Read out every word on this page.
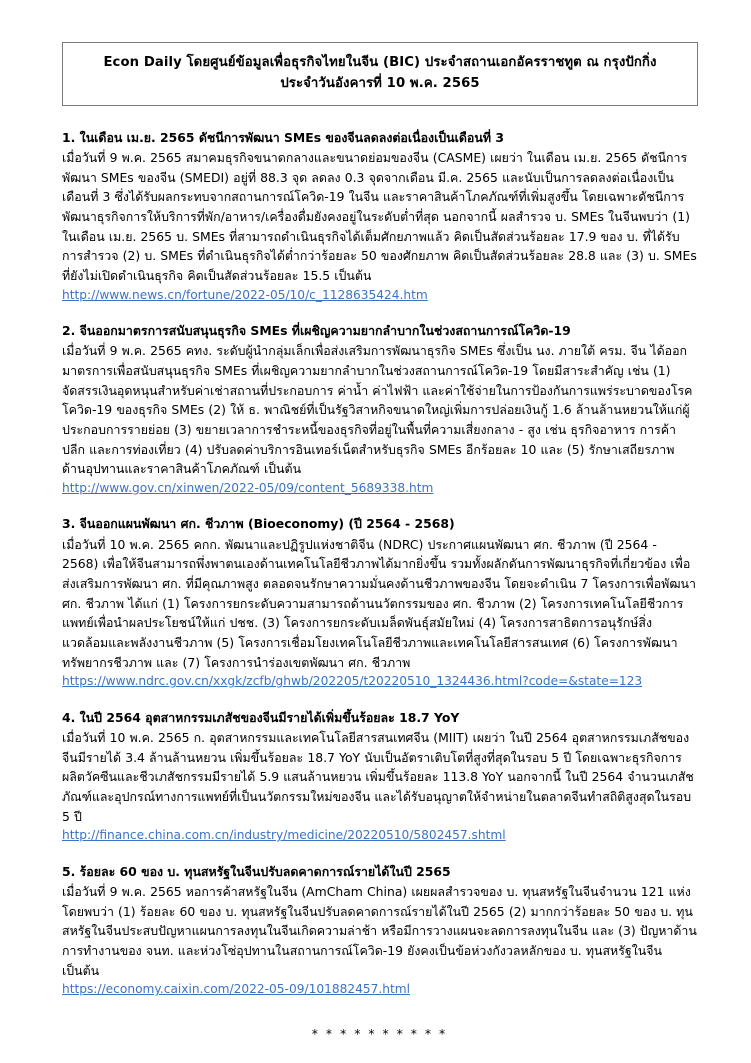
Econ Daily โดยศูนย์ข้อมูลเพื่อธุรกิจไทยในจีน (BIC) ประจำสถานเอกอัครราชทูต ณ กรุงปักกิ่ง
ประจำวันอังคารที่ 10 พ.ค. 2565
1. ในเดือน เม.ย. 2565 ดัชนีการพัฒนา SMEs ของจีนลดลงต่อเนื่องเป็นเดือนที่ 3
เมื่อวันที่ 9 พ.ค. 2565 สมาคมธุรกิจขนาดกลางและขนาดย่อมของจีน (CASME) เผยว่า ในเดือน เม.ย. 2565 ดัชนีการพัฒนา SMEs ของจีน (SMEDI) อยู่ที่ 88.3 จุด ลดลง 0.3 จุดจากเดือน มี.ค. 2565 และนับเป็นการลดลงต่อเนื่องเป็นเดือนที่ 3 ซึ่งได้รับผลกระทบจากสถานการณ์โควิด-19 ในจีน และราคาสินค้าโภคภัณฑ์ที่เพิ่มสูงขึ้น โดยเฉพาะดัชนีการพัฒนาธุรกิจการให้บริการที่พัก/อาหาร/เครื่องดื่มยังคงอยู่ในระดับต่ำที่สุด นอกจากนี้ ผลสำรวจ บ. SMEs ในจีนพบว่า (1) ในเดือน เม.ย. 2565 บ. SMEs ที่สามารถดำเนินธุรกิจได้เต็มศักยภาพแล้ว คิดเป็นสัดส่วนร้อยละ 17.9 ของ บ. ที่ได้รับการสำรวจ (2) บ. SMEs ที่ดำเนินธุรกิจได้ต่ำกว่าร้อยละ 50 ของศักยภาพ คิดเป็นสัดส่วนร้อยละ 28.8 และ (3) บ. SMEs ที่ยังไม่เปิดดำเนินธุรกิจ คิดเป็นสัดส่วนร้อยละ 15.5 เป็นต้น
http://www.news.cn/fortune/2022-05/10/c_1128635424.htm
2. จีนออกมาตรการสนับสนุนธุรกิจ SMEs ที่เผชิญความยากลำบากในช่วงสถานการณ์โควิด-19
เมื่อวันที่ 9 พ.ค. 2565 คทง. ระดับผู้นำกลุ่มเล็กเพื่อส่งเสริมการพัฒนาธุรกิจ SMEs ซึ่งเป็น นง. ภายใต้ ครม. จีน ได้ออกมาตรการเพื่อสนับสนุนธุรกิจ SMEs ที่เผชิญความยากลำบากในช่วงสถานการณ์โควิด-19 โดยมีสาระสำคัญ เช่น (1) จัดสรรเงินอุดหนุนสำหรับค่าเช่าสถานที่ประกอบการ ค่าน้ำ ค่าไฟฟ้า และค่าใช้จ่ายในการป้องกันการแพร่ระบาดของโรคโควิด-19 ของธุรกิจ SMEs (2) ให้ ธ. พาณิชย์ที่เป็นรัฐวิสาหกิจขนาดใหญ่เพิ่มการปล่อยเงินกู้ 1.6 ล้านล้านหยวนให้แก่ผู้ประกอบการรายย่อย (3) ขยายเวลาการชำระหนี้ของธุรกิจที่อยู่ในพื้นที่ความเสี่ยงกลาง - สูง เช่น ธุรกิจอาหาร การค้าปลีก และการท่องเที่ยว (4) ปรับลดค่าบริการอินเทอร์เน็ตสำหรับธุรกิจ SMEs อีกร้อยละ 10 และ (5) รักษาเสถียรภาพด้านอุปทานและราคาสินค้าโภคภัณฑ์ เป็นต้น
http://www.gov.cn/xinwen/2022-05/09/content_5689338.htm
3. จีนออกแผนพัฒนา ศก. ชีวภาพ (Bioeconomy) (ปี 2564 - 2568)
เมื่อวันที่ 10 พ.ค. 2565 คกก. พัฒนาและปฏิรูปแห่งชาติจีน (NDRC) ประกาศแผนพัฒนา ศก. ชีวภาพ (ปี 2564 - 2568) เพื่อให้จีนสามารถพึ่งพาตนเองด้านเทคโนโลยีชีวภาพได้มากยิ่งขึ้น รวมทั้งผลักดันการพัฒนาธุรกิจที่เกี่ยวข้อง เพื่อส่งเสริมการพัฒนา ศก. ที่มีคุณภาพสูง ตลอดจนรักษาความมั่นคงด้านชีวภาพของจีน โดยจะดำเนิน 7 โครงการเพื่อพัฒนา ศก. ชีวภาพ ได้แก่ (1) โครงการยกระดับความสามารถด้านนวัตกรรมของ ศก. ชีวภาพ (2) โครงการเทคโนโลยีชีวการแพทย์เพื่อนำผลประโยชน์ให้แก่ ปชช. (3) โครงการยกระดับเมล็ดพันธุ์สมัยใหม่ (4) โครงการสาธิตการอนุรักษ์สิ่งแวดล้อมและพลังงานชีวภาพ (5) โครงการเชื่อมโยงเทคโนโลยีชีวภาพและเทคโนโลยีสารสนเทศ (6) โครงการพัฒนาทรัพยากรชีวภาพ และ (7) โครงการนำร่องเขตพัฒนา ศก. ชีวภาพ
https://www.ndrc.gov.cn/xxgk/zcfb/ghwb/202205/t20220510_1324436.html?code=&state=123
4. ในปี 2564 อุตสาหกรรมเภสัชของจีนมีรายได้เพิ่มขึ้นร้อยละ 18.7 YoY
เมื่อวันที่ 10 พ.ค. 2565 ก. อุตสาหกรรมและเทคโนโลยีสารสนเทศจีน (MIIT) เผยว่า ในปี 2564 อุตสาหกรรมเภสัชของจีนมีรายได้ 3.4 ล้านล้านหยวน เพิ่มขึ้นร้อยละ 18.7 YoY นับเป็นอัตราเติบโตที่สูงที่สุดในรอบ 5 ปี โดยเฉพาะธุรกิจการผลิตวัคซีนและชีวเภสัชกรรมมีรายได้ 5.9 แสนล้านหยวน เพิ่มขึ้นร้อยละ 113.8 YoY นอกจากนี้ ในปี 2564 จำนวนเภสัชภัณฑ์และอุปกรณ์ทางการแพทย์ที่เป็นนวัตกรรมใหม่ของจีน และได้รับอนุญาตให้จำหน่ายในตลาดจีนทำสถิติสูงสุดในรอบ 5 ปี
http://finance.china.com.cn/industry/medicine/20220510/5802457.shtml
5. ร้อยละ 60 ของ บ. ทุนสหรัฐในจีนปรับลดคาดการณ์รายได้ในปี 2565
เมื่อวันที่ 9 พ.ค. 2565 หอการค้าสหรัฐในจีน (AmCham China) เผยผลสำรวจของ บ. ทุนสหรัฐในจีนจำนวน 121 แห่ง โดยพบว่า (1) ร้อยละ 60 ของ บ. ทุนสหรัฐในจีนปรับลดคาดการณ์รายได้ในปี 2565 (2) มากกว่าร้อยละ 50 ของ บ. ทุนสหรัฐในจีนประสบปัญหาแผนการลงทุนในจีนเกิดความล่าช้า หรือมีการวางแผนจะลดการลงทุนในจีน และ (3) ปัญหาด้านการทำงานของ จนท. และห่วงโซ่อุปทานในสถานการณ์โควิด-19 ยังคงเป็นข้อห่วงกังวลหลักของ บ. ทุนสหรัฐในจีน เป็นต้น
https://economy.caixin.com/2022-05-09/101882457.html
* * * * * * * * * *
